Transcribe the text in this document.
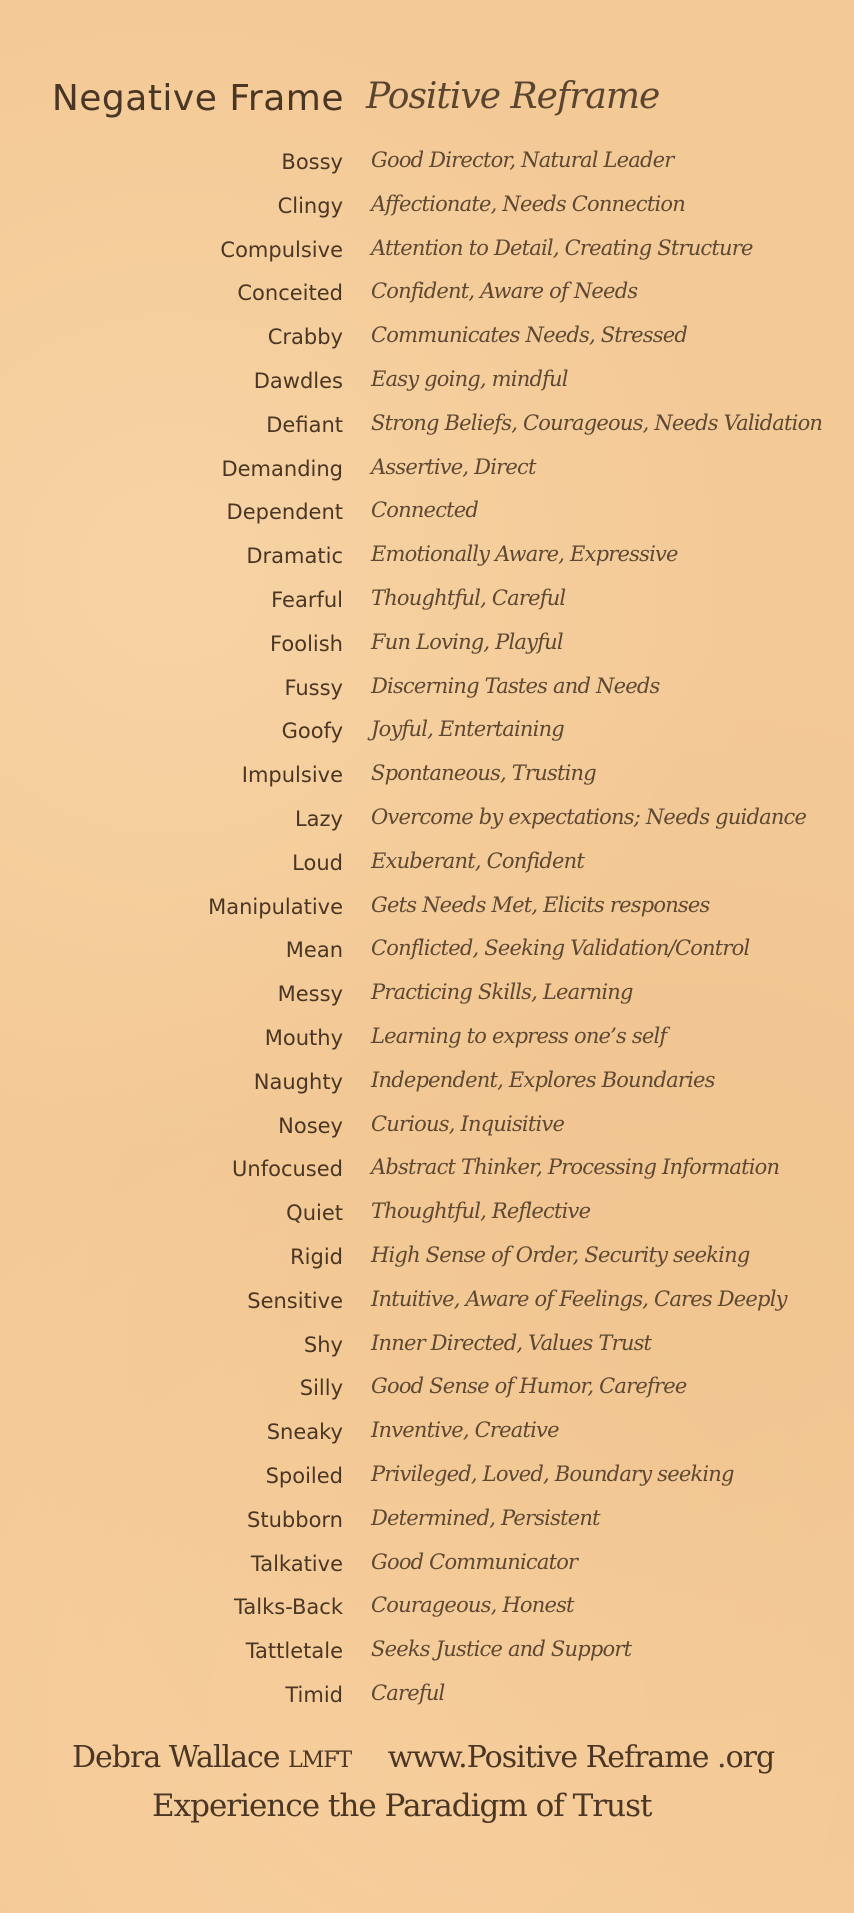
Negative Frame Positive Reframe
Bossy Good Director, Natural Leader
Clingy Affectionate, Needs Connection
Compulsive Attention to Detail, Creating Structure
Conceited Confident, Aware of Needs
Crabby Communicates Needs, Stressed
Dawdles Easy going, mindful
Defiant Strong Beliefs, Courageous, Needs Validation
Demanding Assertive, Direct
Dependent Connected
Dramatic Emotionally Aware, Expressive
Fearful Thoughtful, Careful
Foolish Fun Loving, Playful
Fussy Discerning Tastes and Needs
Goofy Joyful, Entertaining
Impulsive Spontaneous, Trusting
Lazy Overcome by expectations; Needs guidance
Loud Exuberant, Confident
Manipulative Gets Needs Met, Elicits responses
Mean Conflicted, Seeking Validation/Control
Messy Practicing Skills, Learning
Mouthy Learning to express one’s self
Naughty Independent, Explores Boundaries
Nosey Curious, Inquisitive
Unfocused Abstract Thinker, Processing Information
Quiet Thoughtful, Reflective
Rigid High Sense of Order, Security seeking
Sensitive Intuitive, Aware of Feelings, Cares Deeply
Shy Inner Directed, Values Trust
Silly Good Sense of Humor, Carefree
Sneaky Inventive, Creative
Spoiled Privileged, Loved, Boundary seeking
Stubborn Determined, Persistent
Talkative Good Communicator
Talks-Back Courageous, Honest
Tattletale Seeks Justice and Support
Timid Careful
Debra Wallace LMFT www.Positive Reframe .org
Experience the Paradigm of Trust
